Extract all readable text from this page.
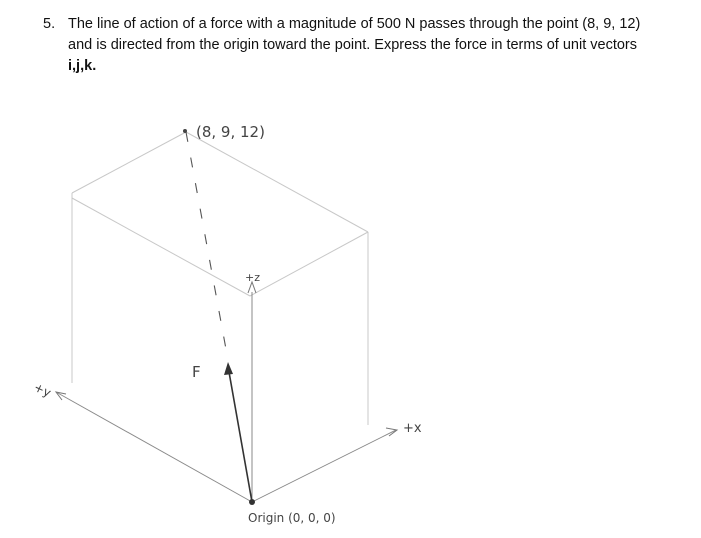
5. The line of action of a force with a magnitude of 500 N passes through the point (8, 9, 12) and is directed from the origin toward the point. Express the force in terms of unit vectors i,j,k.
(8, 9, 12)
+z
F
+y
+x
Origin (0, 0, 0)
